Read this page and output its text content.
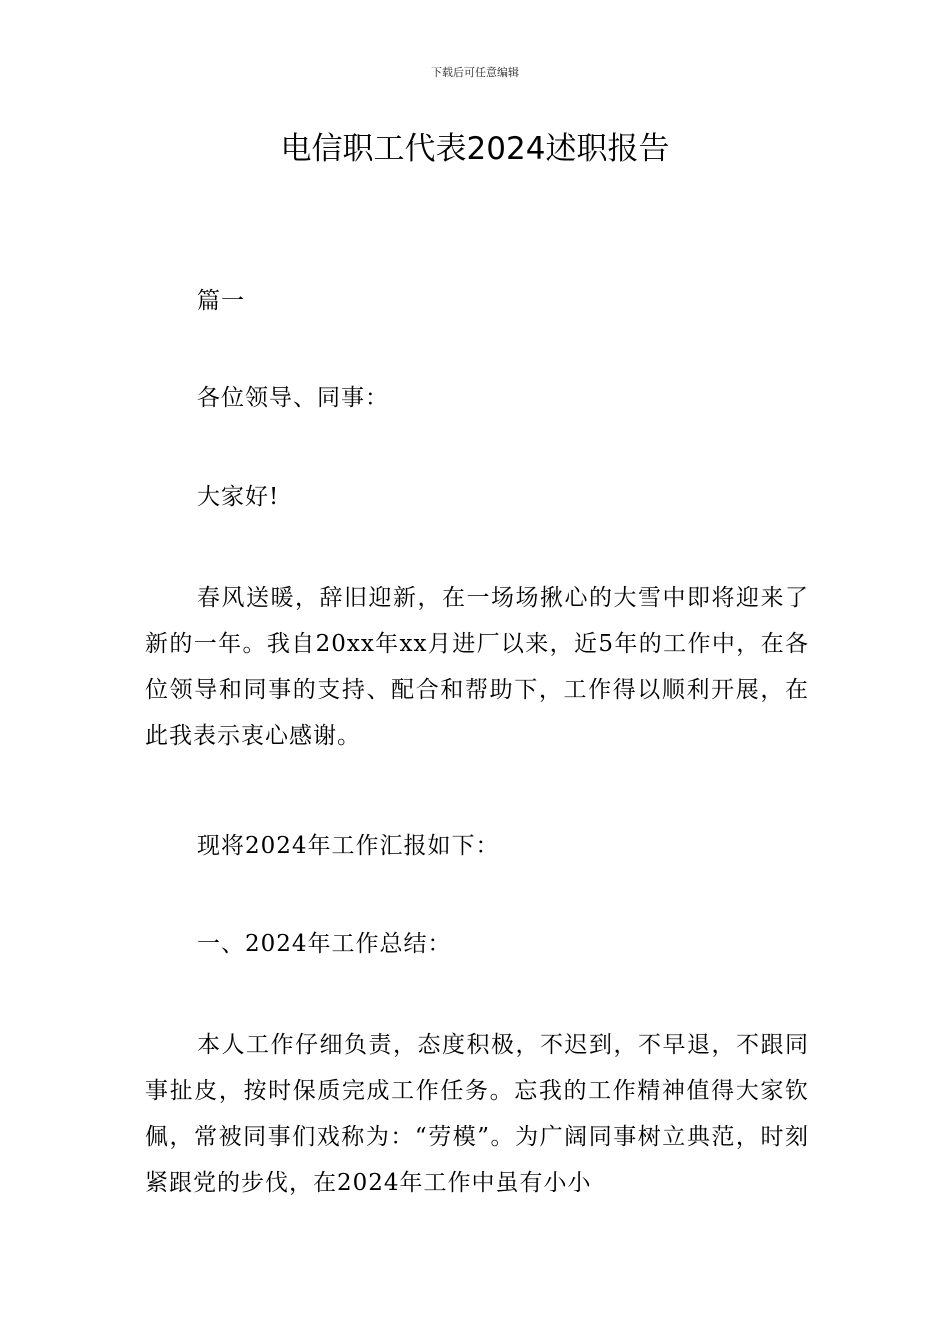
下载后可任意编辑
电信职工代表2024述职报告

篇一

各位领导、同事：

大家好!

春风送暖，辞旧迎新，在一场场揪心的大雪中即将迎来了新的一年。我自20xx年xx月进厂以来，近5年的工作中，在各位领导和同事的支持、配合和帮助下，工作得以顺利开展，在此我表示衷心感谢。

现将2024年工作汇报如下：

一、2024年工作总结：

本人工作仔细负责，态度积极，不迟到，不早退，不跟同事扯皮，按时保质完成工作任务。忘我的工作精神值得大家钦佩，常被同事们戏称为：“劳模”。为广阔同事树立典范，时刻紧跟党的步伐，在2024年工作中虽有小小
